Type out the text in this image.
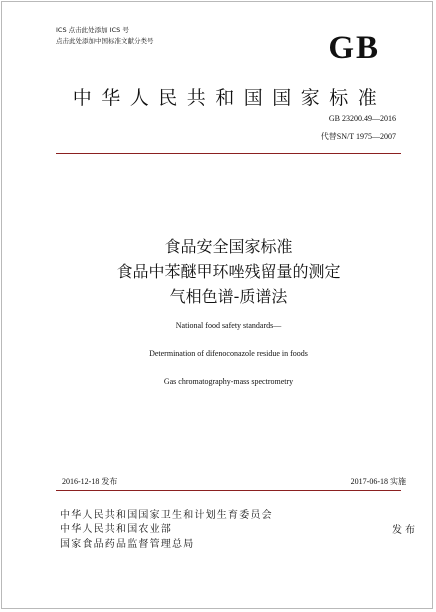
ICS 点击此处添加 ICS 号
点击此处添加中国标准文献分类号	GB
中华人民共和国国家标准
GB 23200.49—2016
代替SN/T 1975—2007
食品安全国家标准
食品中苯醚甲环唑残留量的测定
气相色谱-质谱法
National food safety standards—
Determination of difenoconazole residue in foods
Gas chromatography-mass spectrometry
2016-12-18 发布	2017-06-18 实施
中华人民共和国国家卫生和计划生育委员会
中华人民共和国农业部
国家食品药品监督管理总局
发布
